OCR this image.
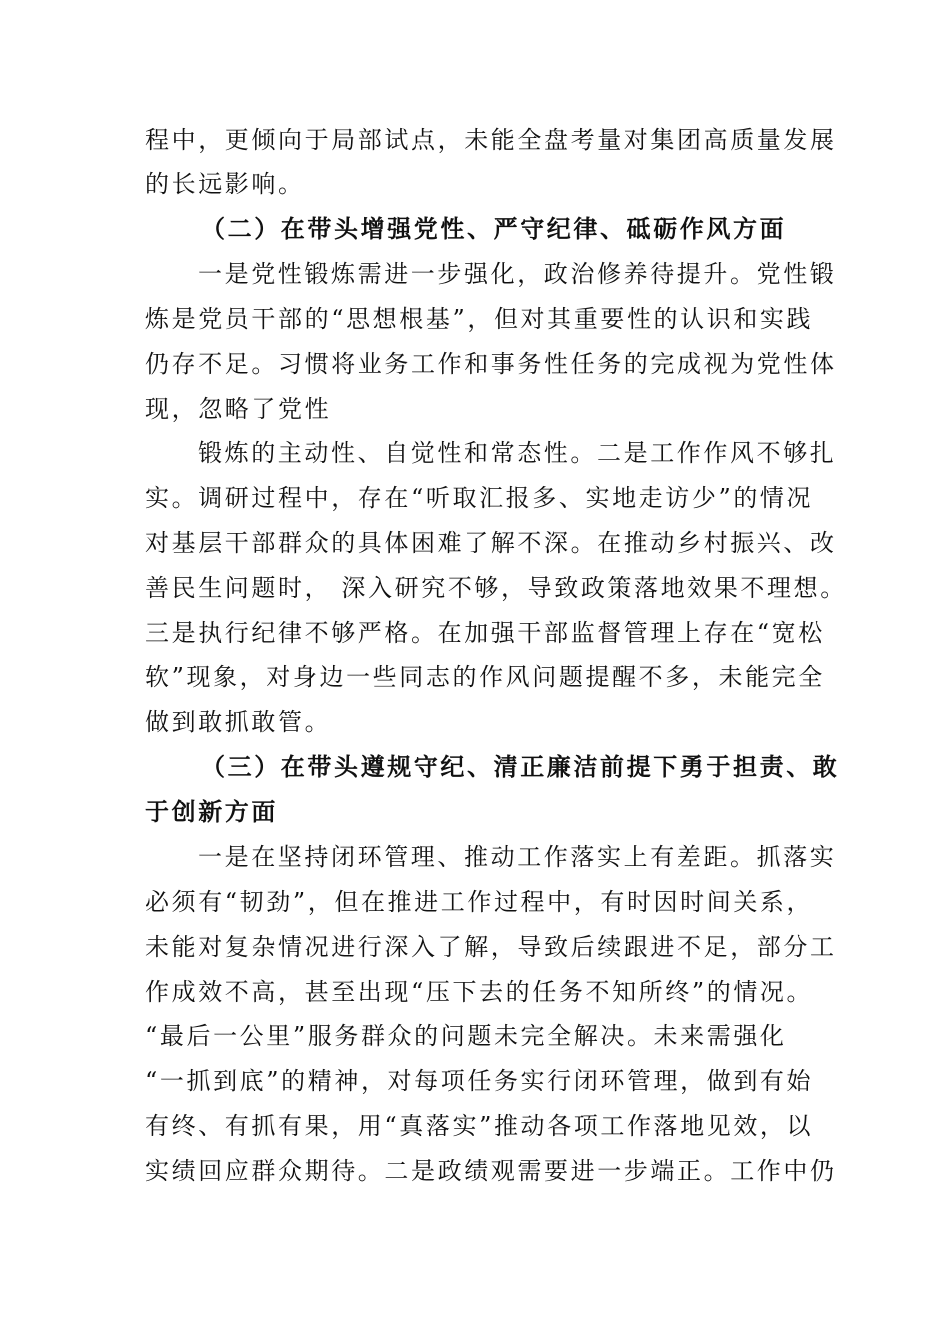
程中，更倾向于局部试点，未能全盘考量对集团高质量发展
的长远影响。
（二）在带头增强党性、严守纪律、砥砺作风方面
一是党性锻炼需进一步强化，政治修养待提升。党性锻
炼是党员干部的“思想根基”，但对其重要性的认识和实践
仍存不足。习惯将业务工作和事务性任务的完成视为党性体
现，忽略了党性
锻炼的主动性、自觉性和常态性。二是工作作风不够扎
实。调研过程中，存在“听取汇报多、实地走访少”的情况
对基层干部群众的具体困难了解不深。在推动乡村振兴、改
善民生问题时， 深入研究不够，导致政策落地效果不理想。
三是执行纪律不够严格。在加强干部监督管理上存在“宽松
软”现象，对身边一些同志的作风问题提醒不多，未能完全
做到敢抓敢管。
（三）在带头遵规守纪、清正廉洁前提下勇于担责、敢
于创新方面
一是在坚持闭环管理、推动工作落实上有差距。抓落实
必须有“韧劲”，但在推进工作过程中，有时因时间关系，
未能对复杂情况进行深入了解，导致后续跟进不足，部分工
作成效不高，甚至出现“压下去的任务不知所终”的情况。
“最后一公里”服务群众的问题未完全解决。未来需强化
“一抓到底”的精神，对每项任务实行闭环管理，做到有始
有终、有抓有果，用“真落实”推动各项工作落地见效，以
实绩回应群众期待。二是政绩观需要进一步端正。工作中仍
